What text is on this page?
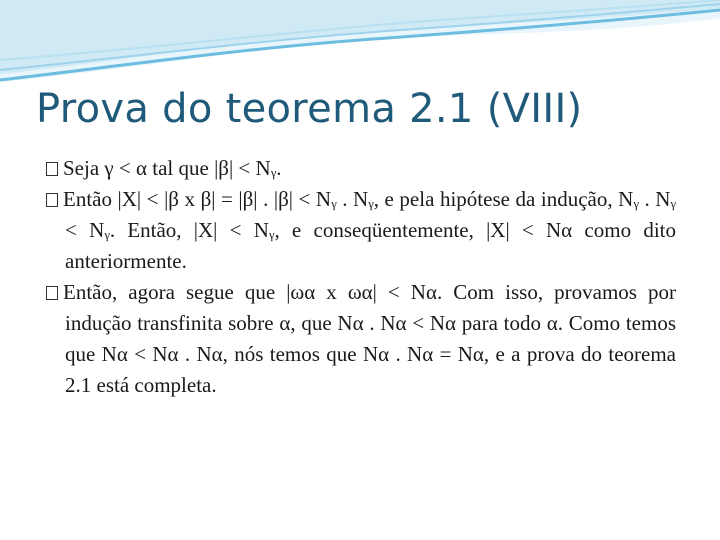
Prova do teorema 2.1 (VIII)

Seja γ < α tal que |β| < Nᵧ.

Então |X| < |β x β| = |β| . |β| < Nᵧ . Nᵧ, e pela hipótese da indução, Nᵧ . Nᵧ < Nᵧ. Então, |X| < Nᵧ, e conseqüentemente, |X| < Nα como dito anteriormente.

Então, agora segue que |ωα x ωα| < Nα. Com isso, provamos por indução transfinita sobre α, que Nα . Nα < Nα para todo α. Como temos que Nα < Nα . Nα, nós temos que Nα . Nα = Nα, e a prova do teorema 2.1 está completa.
